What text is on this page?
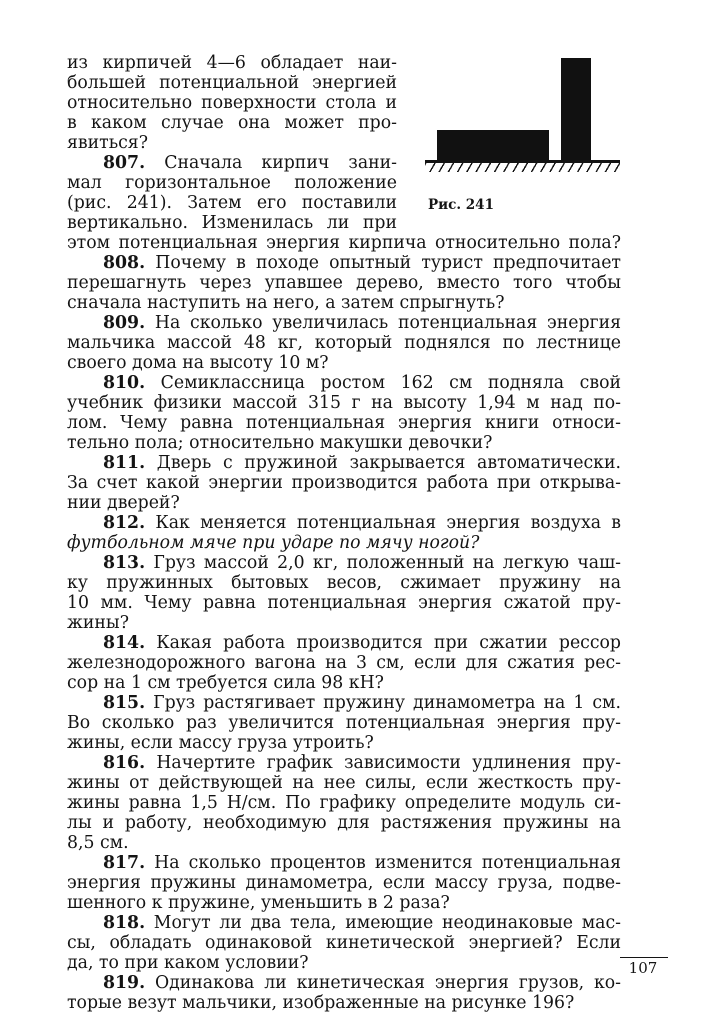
Рис. 241
из кирпичей 4—6 обладает наи-
большей потенциальной энергией
относительно поверхности стола и
в каком случае она может про-
явиться?
807. Сначала кирпич зани-
мал горизонтальное положение
(рис. 241). Затем его поставили
вертикально. Изменилась ли при
этом потенциальная энергия кирпича относительно пола?
808. Почему в походе опытный турист предпочитает
перешагнуть через упавшее дерево, вместо того чтобы
сначала наступить на него, а затем спрыгнуть?
809. На сколько увеличилась потенциальная энергия
мальчика массой 48 кг, который поднялся по лестнице
своего дома на высоту 10 м?
810. Семиклассница ростом 162 см подняла свой
учебник физики массой 315 г на высоту 1,94 м над по-
лом. Чему равна потенциальная энергия книги относи-
тельно пола; относительно макушки девочки?
811. Дверь с пружиной закрывается автоматически.
За счет какой энергии производится работа при открыва-
нии дверей?
812. Как меняется потенциальная энергия воздуха в
футбольном мяче при ударе по мячу ногой?
813. Груз массой 2,0 кг, положенный на легкую чаш-
ку пружинных бытовых весов, сжимает пружину на
10 мм. Чему равна потенциальная энергия сжатой пру-
жины?
814. Какая работа производится при сжатии рессор
железнодорожного вагона на 3 см, если для сжатия рес-
сор на 1 см требуется сила 98 кН?
815. Груз растягивает пружину динамометра на 1 см.
Во сколько раз увеличится потенциальная энергия пру-
жины, если массу груза утроить?
816. Начертите график зависимости удлинения пру-
жины от действующей на нее силы, если жесткость пру-
жины равна 1,5 Н/см. По графику определите модуль си-
лы и работу, необходимую для растяжения пружины на
8,5 см.
817. На сколько процентов изменится потенциальная
энергия пружины динамометра, если массу груза, подве-
шенного к пружине, уменьшить в 2 раза?
818. Могут ли два тела, имеющие неодинаковые мас-
сы, обладать одинаковой кинетической энергией? Если
да, то при каком условии?
819. Одинакова ли кинетическая энергия грузов, ко-
торые везут мальчики, изображенные на рисунке 196?
107
